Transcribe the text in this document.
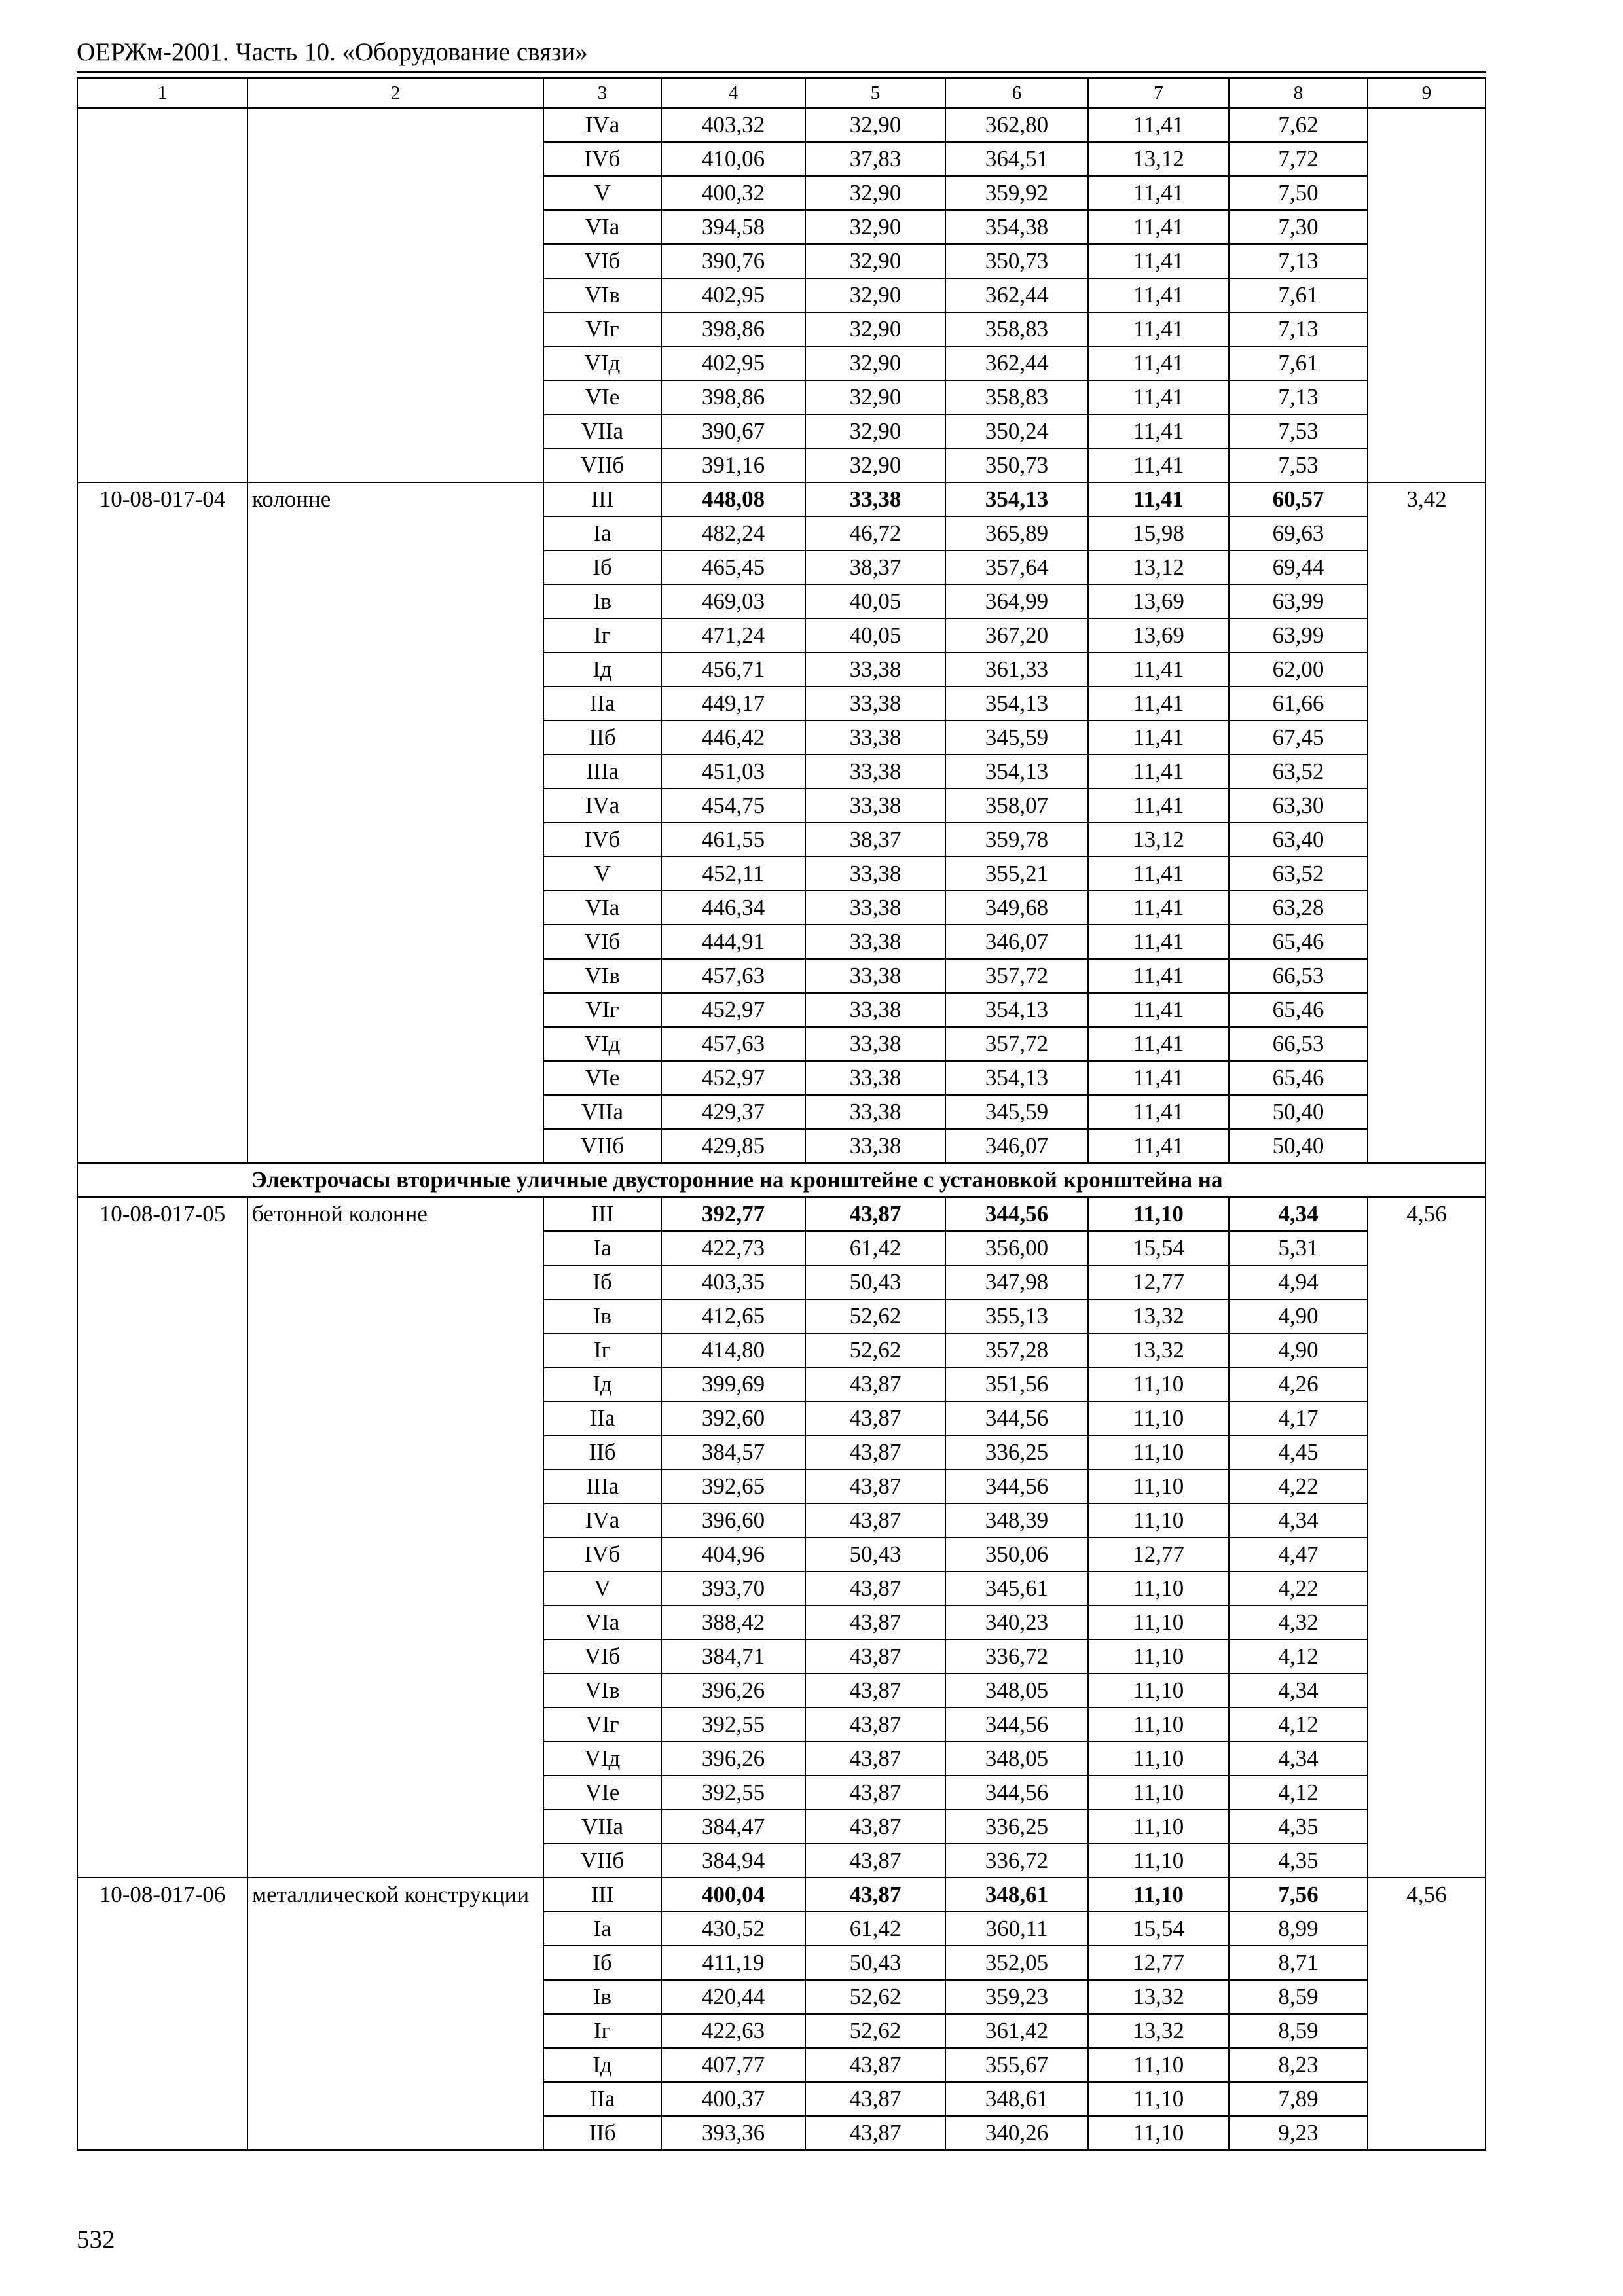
ОЕРЖм-2001. Часть 10. «Оборудование связи»
1	2	3	4	5	6	7	8	9
		IVа	403,32	32,90	362,80	11,41	7,62	
		IVб	410,06	37,83	364,51	13,12	7,72	
		V	400,32	32,90	359,92	11,41	7,50	
		VIа	394,58	32,90	354,38	11,41	7,30	
		VIб	390,76	32,90	350,73	11,41	7,13	
		VIв	402,95	32,90	362,44	11,41	7,61	
		VIг	398,86	32,90	358,83	11,41	7,13	
		VIд	402,95	32,90	362,44	11,41	7,61	
		VIе	398,86	32,90	358,83	11,41	7,13	
		VIIа	390,67	32,90	350,24	11,41	7,53	
		VIIб	391,16	32,90	350,73	11,41	7,53	
10-08-017-04	колонне	III	448,08	33,38	354,13	11,41	60,57	3,42
		Iа	482,24	46,72	365,89	15,98	69,63	
		Iб	465,45	38,37	357,64	13,12	69,44	
		Iв	469,03	40,05	364,99	13,69	63,99	
		Iг	471,24	40,05	367,20	13,69	63,99	
		Iд	456,71	33,38	361,33	11,41	62,00	
		IIа	449,17	33,38	354,13	11,41	61,66	
		IIб	446,42	33,38	345,59	11,41	67,45	
		IIIа	451,03	33,38	354,13	11,41	63,52	
		IVа	454,75	33,38	358,07	11,41	63,30	
		IVб	461,55	38,37	359,78	13,12	63,40	
		V	452,11	33,38	355,21	11,41	63,52	
		VIа	446,34	33,38	349,68	11,41	63,28	
		VIб	444,91	33,38	346,07	11,41	65,46	
		VIв	457,63	33,38	357,72	11,41	66,53	
		VIг	452,97	33,38	354,13	11,41	65,46	
		VIд	457,63	33,38	357,72	11,41	66,53	
		VIе	452,97	33,38	354,13	11,41	65,46	
		VIIа	429,37	33,38	345,59	11,41	50,40	
		VIIб	429,85	33,38	346,07	11,41	50,40	
	Электрочасы вторичные уличные двусторонние на кронштейне с установкой кронштейна на							
10-08-017-05	бетонной колонне	III	392,77	43,87	344,56	11,10	4,34	4,56
		Iа	422,73	61,42	356,00	15,54	5,31	
		Iб	403,35	50,43	347,98	12,77	4,94	
		Iв	412,65	52,62	355,13	13,32	4,90	
		Iг	414,80	52,62	357,28	13,32	4,90	
		Iд	399,69	43,87	351,56	11,10	4,26	
		IIа	392,60	43,87	344,56	11,10	4,17	
		IIб	384,57	43,87	336,25	11,10	4,45	
		IIIа	392,65	43,87	344,56	11,10	4,22	
		IVа	396,60	43,87	348,39	11,10	4,34	
		IVб	404,96	50,43	350,06	12,77	4,47	
		V	393,70	43,87	345,61	11,10	4,22	
		VIа	388,42	43,87	340,23	11,10	4,32	
		VIб	384,71	43,87	336,72	11,10	4,12	
		VIв	396,26	43,87	348,05	11,10	4,34	
		VIг	392,55	43,87	344,56	11,10	4,12	
		VIд	396,26	43,87	348,05	11,10	4,34	
		VIе	392,55	43,87	344,56	11,10	4,12	
		VIIа	384,47	43,87	336,25	11,10	4,35	
		VIIб	384,94	43,87	336,72	11,10	4,35	
10-08-017-06	металлической конструкции	III	400,04	43,87	348,61	11,10	7,56	4,56
		Iа	430,52	61,42	360,11	15,54	8,99	
		Iб	411,19	50,43	352,05	12,77	8,71	
		Iв	420,44	52,62	359,23	13,32	8,59	
		Iг	422,63	52,62	361,42	13,32	8,59	
		Iд	407,77	43,87	355,67	11,10	8,23	
		IIа	400,37	43,87	348,61	11,10	7,89	
		IIб	393,36	43,87	340,26	11,10	9,23	
532
